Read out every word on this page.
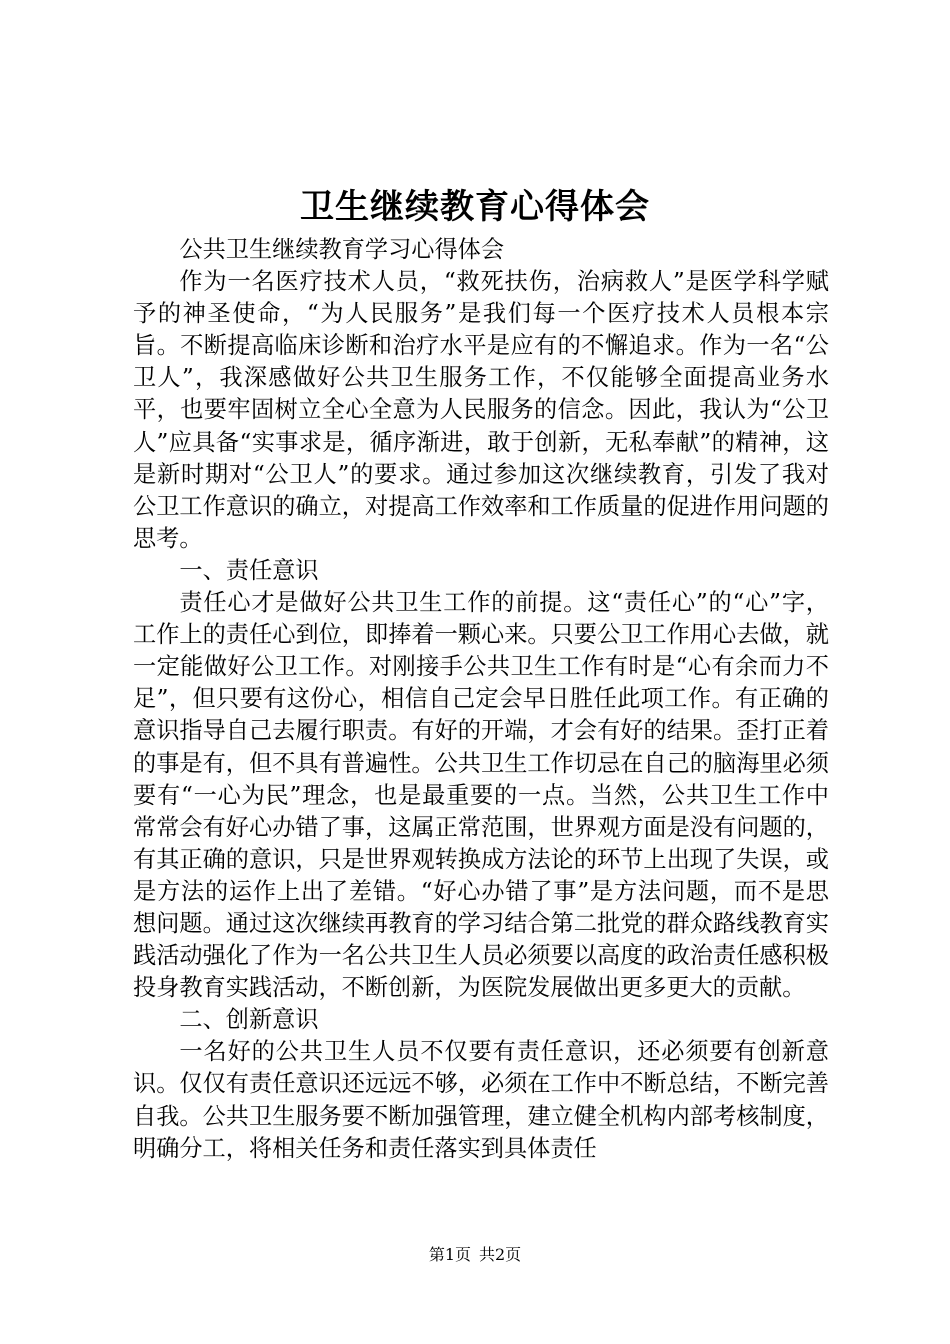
卫生继续教育心得体会

公共卫生继续教育学习心得体会

作为一名医疗技术人员，“救死扶伤，治病救人”是医学科学赋予的神圣使命，“为人民服务”是我们每一个医疗技术人员根本宗旨。不断提高临床诊断和治疗水平是应有的不懈追求。作为一名“公卫人”，我深感做好公共卫生服务工作，不仅能够全面提高业务水平，也要牢固树立全心全意为人民服务的信念。因此，我认为“公卫人”应具备“实事求是，循序渐进，敢于创新，无私奉献”的精神，这是新时期对“公卫人”的要求。通过参加这次继续教育，引发了我对公卫工作意识的确立，对提高工作效率和工作质量的促进作用问题的思考。

一、责任意识

责任心才是做好公共卫生工作的前提。这“责任心”的“心”字，工作上的责任心到位，即捧着一颗心来。只要公卫工作用心去做，就一定能做好公卫工作。对刚接手公共卫生工作有时是“心有余而力不足”，但只要有这份心，相信自己定会早日胜任此项工作。有正确的意识指导自己去履行职责。有好的开端，才会有好的结果。歪打正着的事是有，但不具有普遍性。公共卫生工作切忌在自己的脑海里必须要有“一心为民”理念，也是最重要的一点。当然，公共卫生工作中常常会有好心办错了事，这属正常范围，世界观方面是没有问题的，有其正确的意识，只是世界观转换成方法论的环节上出现了失误，或是方法的运作上出了差错。“好心办错了事”是方法问题，而不是思想问题。通过这次继续再教育的学习结合第二批党的群众路线教育实践活动强化了作为一名公共卫生人员必须要以高度的政治责任感积极投身教育实践活动，不断创新，为医院发展做出更多更大的贡献。

二、创新意识

一名好的公共卫生人员不仅要有责任意识，还必须要有创新意识。仅仅有责任意识还远远不够，必须在工作中不断总结，不断完善自我。公共卫生服务要不断加强管理，建立健全机构内部考核制度，明确分工，将相关任务和责任落实到具体责任

第1页 共2页
